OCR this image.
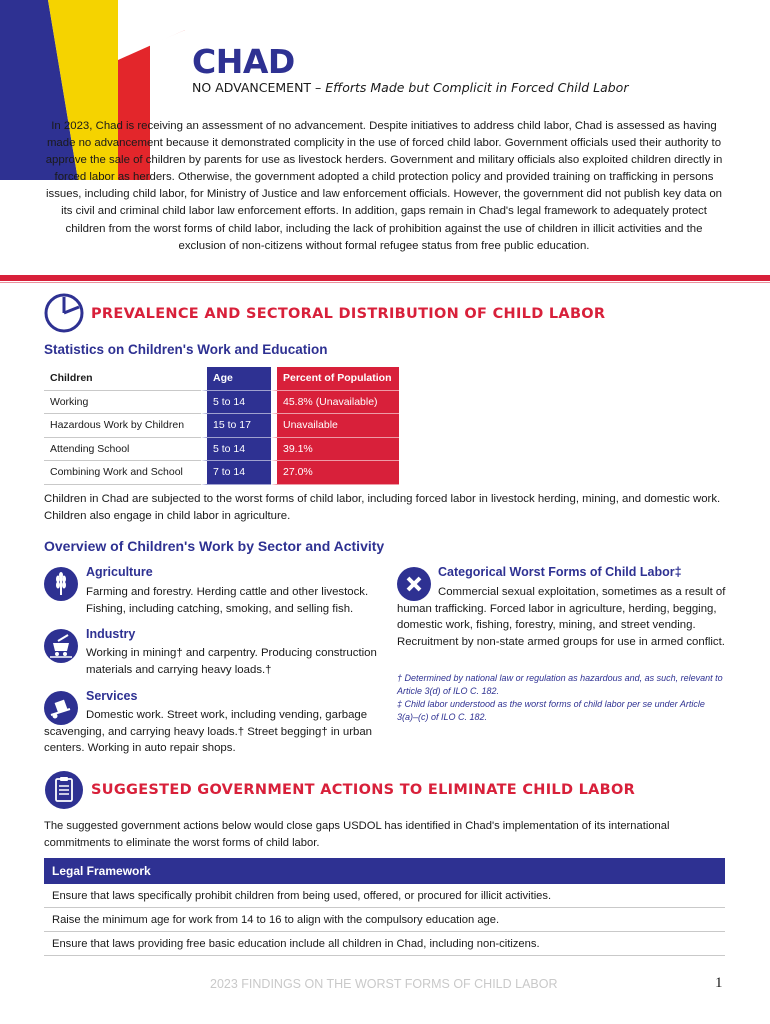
CHAD
NO ADVANCEMENT – Efforts Made but Complicit in Forced Child Labor

In 2023, Chad is receiving an assessment of no advancement. Despite initiatives to address child labor, Chad is assessed as having made no advancement because it demonstrated complicity in the use of forced child labor. Government officials used their authority to approve the sale of children by parents for use as livestock herders. Government and military officials also exploited children directly in forced labor as herders. Otherwise, the government adopted a child protection policy and provided training on trafficking in persons issues, including child labor, for Ministry of Justice and law enforcement officials. However, the government did not publish key data on its civil and criminal child labor law enforcement efforts. In addition, gaps remain in Chad's legal framework to adequately protect children from the worst forms of child labor, including the lack of prohibition against the use of children in illicit activities and the exclusion of non-citizens without formal refugee status from free public education.

PREVALENCE AND SECTORAL DISTRIBUTION OF CHILD LABOR
Statistics on Children's Work and Education
Children	Age	Percent of Population
Working	5 to 14	45.8% (Unavailable)
Hazardous Work by Children	15 to 17	Unavailable
Attending School	5 to 14	39.1%
Combining Work and School	7 to 14	27.0%

Children in Chad are subjected to the worst forms of child labor, including forced labor in livestock herding, mining, and domestic work. Children also engage in child labor in agriculture.

Overview of Children's Work by Sector and Activity
Agriculture

Farming and forestry. Herding cattle and other livestock. Fishing, including catching, smoking, and selling fish.

Industry

Working in mining† and carpentry. Producing construction materials and carrying heavy loads.†

Services

Domestic work. Street work, including vending, garbage scavenging, and carrying heavy loads.† Street begging† in urban centers. Working in auto repair shops.

Categorical Worst Forms of Child Labor‡

Commercial sexual exploitation, sometimes as a result of human trafficking. Forced labor in agriculture, herding, begging, domestic work, fishing, forestry, mining, and street vending. Recruitment by non-state armed groups for use in armed conflict.

† Determined by national law or regulation as hazardous and, as such, relevant to Article 3(d) of ILO C. 182.

‡ Child labor understood as the worst forms of child labor per se under Article 3(a)–(c) of ILO C. 182.

SUGGESTED GOVERNMENT ACTIONS TO ELIMINATE CHILD LABOR

The suggested government actions below would close gaps USDOL has identified in Chad's implementation of its international commitments to eliminate the worst forms of child labor.

Legal Framework
Ensure that laws specifically prohibit children from being used, offered, or procured for illicit activities.
Raise the minimum age for work from 14 to 16 to align with the compulsory education age.
Ensure that laws providing free basic education include all children in Chad, including non-citizens.
2023 FINDINGS ON THE WORST FORMS OF CHILD LABOR	1
